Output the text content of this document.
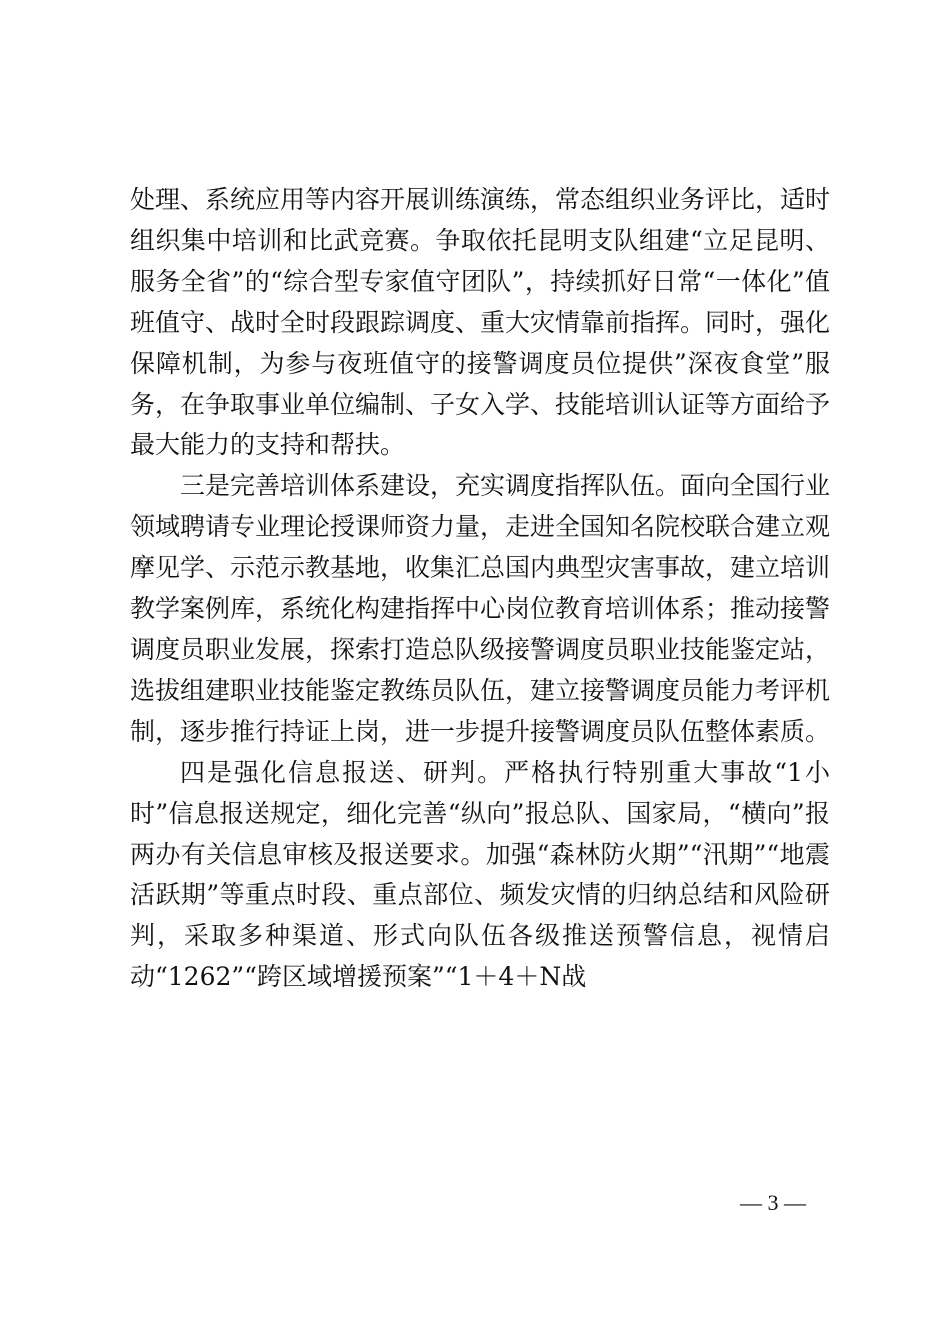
处理、系统应用等内容开展训练演练，常态组织业务评比，适时组织集中培训和比武竞赛。争取依托昆明支队组建“立足昆明、服务全省”的“综合型专家值守团队”，持续抓好日常“一体化”值班值守、战时全时段跟踪调度、重大灾情靠前指挥。同时，强化保障机制，为参与夜班值守的接警调度员位提供”深夜食堂”服务，在争取事业单位编制、子女入学、技能培训认证等方面给予最大能力的支持和帮扶。

三是完善培训体系建设，充实调度指挥队伍。面向全国行业领域聘请专业理论授课师资力量，走进全国知名院校联合建立观摩见学、示范示教基地，收集汇总国内典型灾害事故，建立培训教学案例库，系统化构建指挥中心岗位教育培训体系；推动接警调度员职业发展，探索打造总队级接警调度员职业技能鉴定站，选拔组建职业技能鉴定教练员队伍，建立接警调度员能力考评机制，逐步推行持证上岗，进一步提升接警调度员队伍整体素质。

四是强化信息报送、研判。严格执行特别重大事故“1小时”信息报送规定，细化完善“纵向”报总队、国家局，“横向”报两办有关信息审核及报送要求。加强“森林防火期”“汛期”“地震活跃期”等重点时段、重点部位、频发灾情的归纳总结和风险研判，采取多种渠道、形式向队伍各级推送预警信息，视情启动“1262”“跨区域增援预案”“1＋4＋N战

— 3 —
